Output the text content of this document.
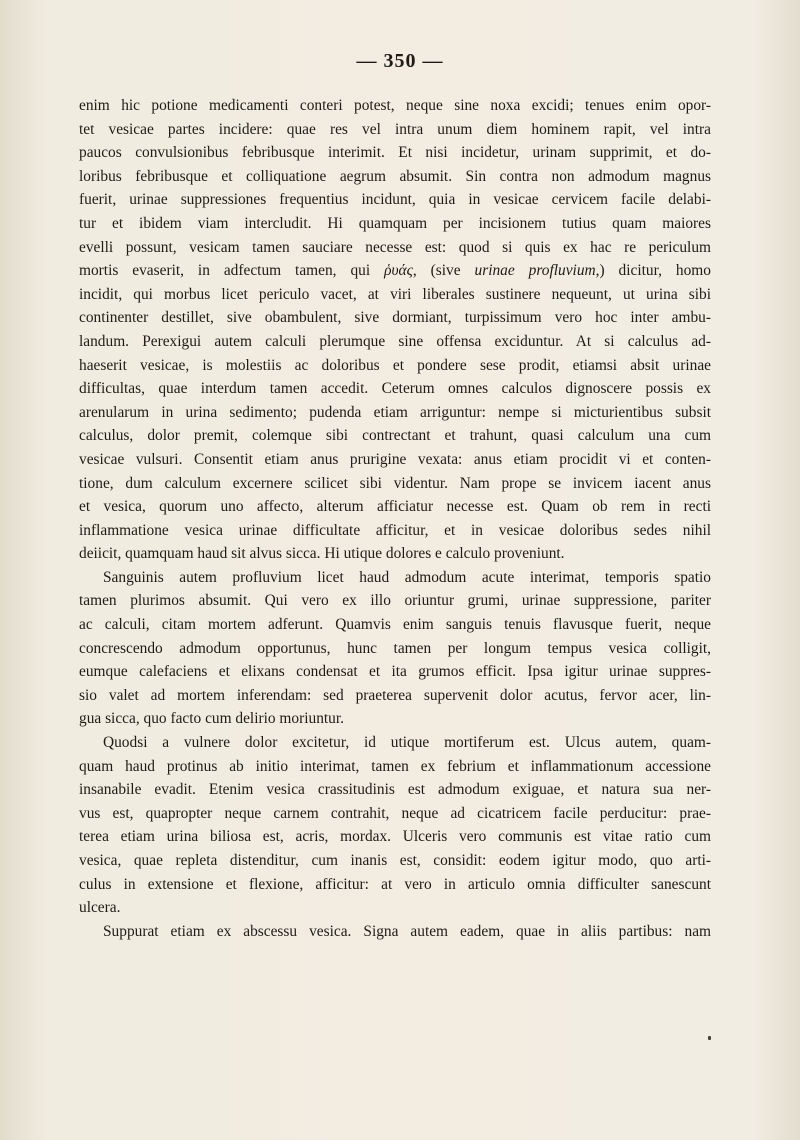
— 350 —
enim hic potione medicamenti conteri potest, neque sine noxa excidi; tenues enim opor-
tet vesicae partes incidere: quae res vel intra unum diem hominem rapit, vel intra
paucos convulsionibus febribusque interimit. Et nisi incidetur, urinam supprimit, et do-
loribus febribusque et colliquatione aegrum absumit. Sin contra non admodum magnus
fuerit, urinae suppressiones frequentius incidunt, quia in vesicae cervicem facile delabi-
tur et ibidem viam intercludit. Hi quamquam per incisionem tutius quam maiores
evelli possunt, vesicam tamen sauciare necesse est: quod si quis ex hac re periculum
mortis evaserit, in adfectum tamen, qui ῥυάς, (sive urinae profluvium,) dicitur, homo
incidit, qui morbus licet periculo vacet, at viri liberales sustinere nequeunt, ut urina sibi
continenter destillet, sive obambulent, sive dormiant, turpissimum vero hoc inter ambu-
landum. Perexigui autem calculi plerumque sine offensa exciduntur. At si calculus ad-
haeserit vesicae, is molestiis ac doloribus et pondere sese prodit, etiamsi absit urinae
difficultas, quae interdum tamen accedit. Ceterum omnes calculos dignoscere possis ex
arenularum in urina sedimento; pudenda etiam arriguntur: nempe si micturientibus subsit
calculus, dolor premit, colemque sibi contrectant et trahunt, quasi calculum una cum
vesicae vulsuri. Consentit etiam anus prurigine vexata: anus etiam procidit vi et conten-
tione, dum calculum excernere scilicet sibi videntur. Nam prope se invicem iacent anus
et vesica, quorum uno affecto, alterum afficiatur necesse est. Quam ob rem in recti
inflammatione vesica urinae difficultate afficitur, et in vesicae doloribus sedes nihil
deiicit, quamquam haud sit alvus sicca. Hi utique dolores e calculo proveniunt.
Sanguinis autem profluvium licet haud admodum acute interimat, temporis spatio
tamen plurimos absumit. Qui vero ex illo oriuntur grumi, urinae suppressione, pariter
ac calculi, citam mortem adferunt. Quamvis enim sanguis tenuis flavusque fuerit, neque
concrescendo admodum opportunus, hunc tamen per longum tempus vesica colligit,
eumque calefaciens et elixans condensat et ita grumos efficit. Ipsa igitur urinae suppres-
sio valet ad mortem inferendam: sed praeterea supervenit dolor acutus, fervor acer, lin-
gua sicca, quo facto cum delirio moriuntur.
Quodsi a vulnere dolor excitetur, id utique mortiferum est. Ulcus autem, quam-
quam haud protinus ab initio interimat, tamen ex febrium et inflammationum accessione
insanabile evadit. Etenim vesica crassitudinis est admodum exiguae, et natura sua ner-
vus est, quapropter neque carnem contrahit, neque ad cicatricem facile perducitur: prae-
terea etiam urina biliosa est, acris, mordax. Ulceris vero communis est vitae ratio cum
vesica, quae repleta distenditur, cum inanis est, considit: eodem igitur modo, quo arti-
culus in extensione et flexione, afficitur: at vero in articulo omnia difficulter sanescunt
ulcera.
Suppurat etiam ex abscessu vesica. Signa autem eadem, quae in aliis partibus: nam
